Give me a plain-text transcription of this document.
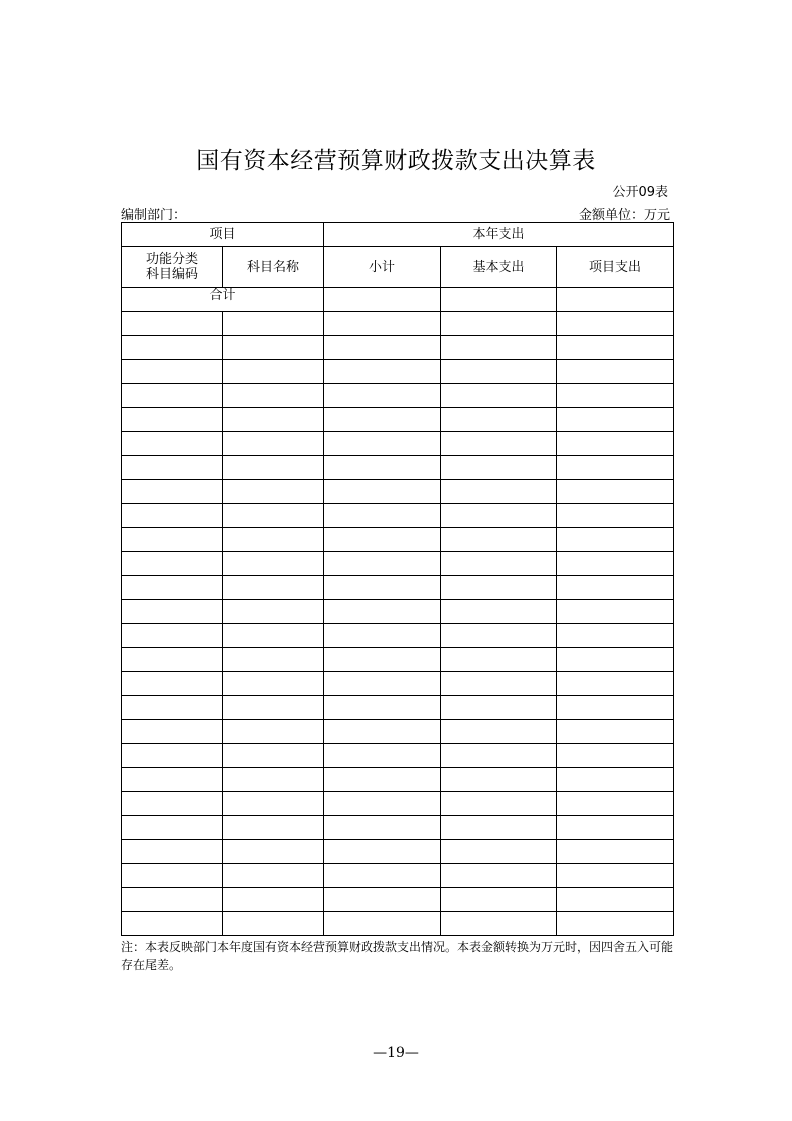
国有资本经营预算财政拨款支出决算表
公开09表
编制部门：	金额单位：万元
项目		本年支出		
功能分类
科目编码	科目名称	小计	基本支出	项目支出
合计				

注：本表反映部门本年度国有资本经营预算财政拨款支出情况。本表金额转换为万元时，因四舍五入可能存在尾差。
—19—
